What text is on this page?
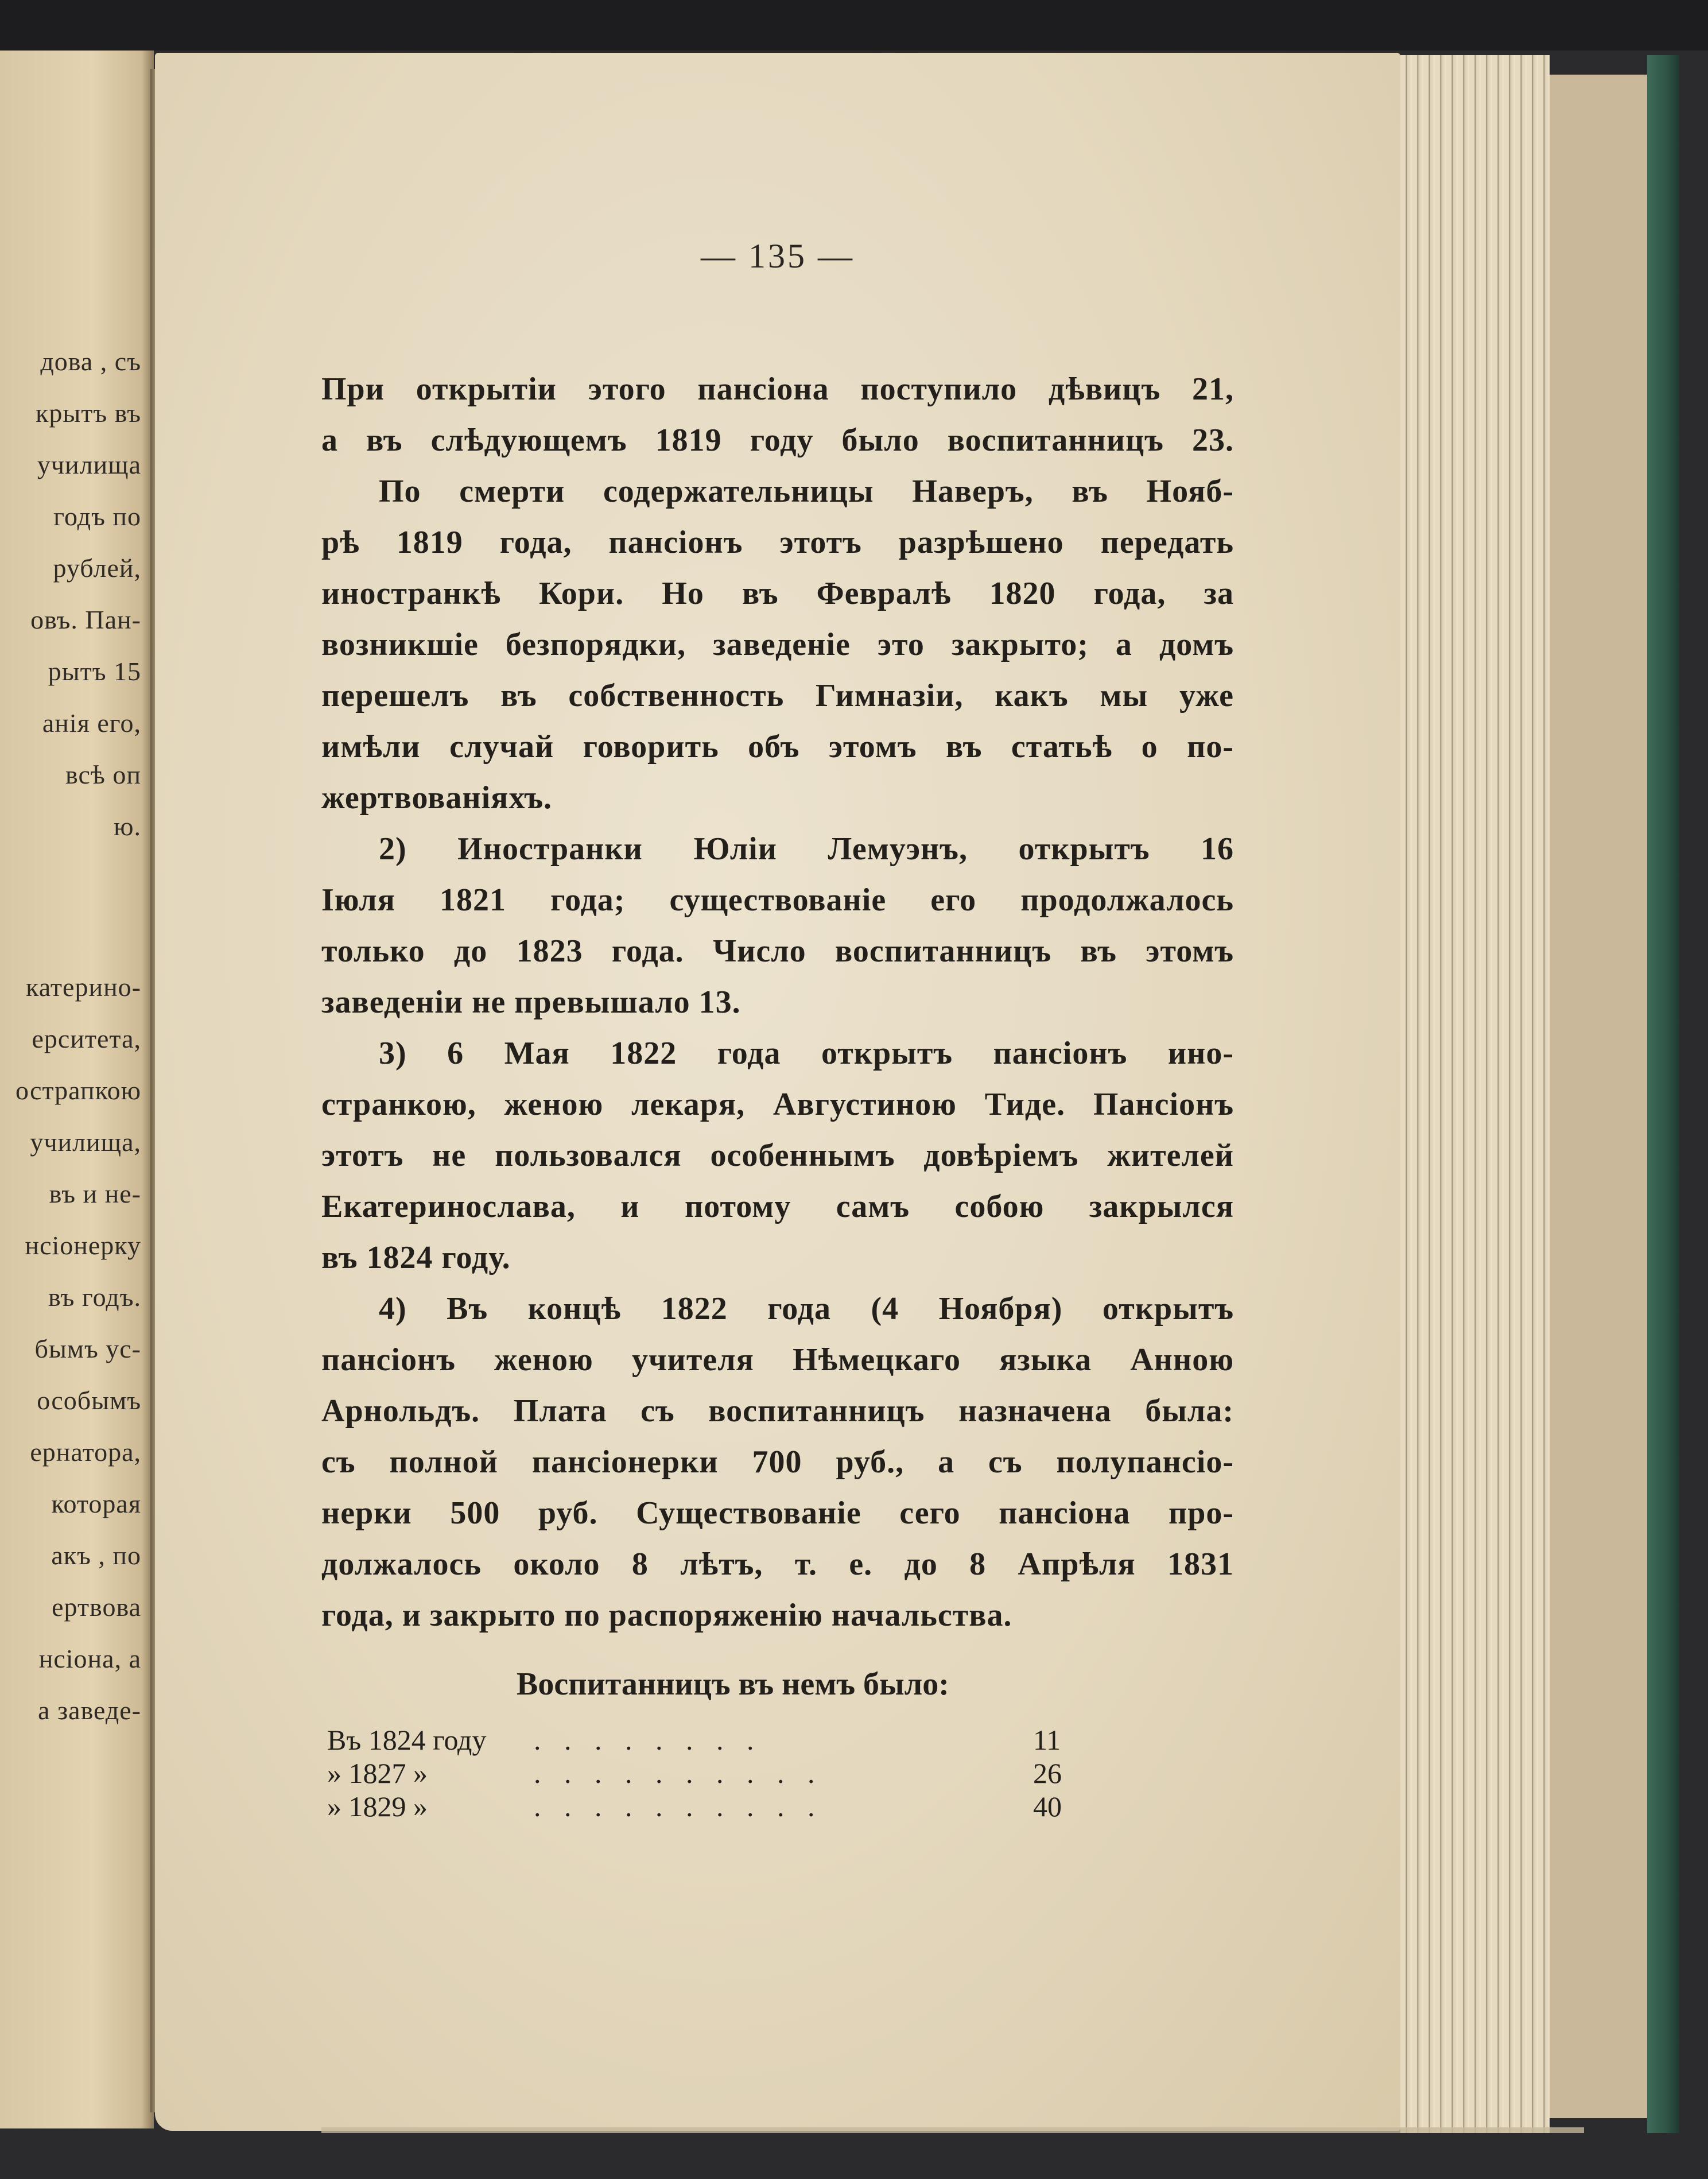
дова , съ
крытъ въ
училища
годъ по
рублей,
овъ. Пан-
рытъ 15
анія его,
всѣ оп
ю.
катерино-
ерситета,
острапкою
училища,
въ и не-
нсіонерку
въ годъ.
бымъ ус-
особымъ
ернатора,
которая
акъ , по
ертвова
нсіона, а
а заведе-
— 135 —
При открытіи этого пансіона поступило дѣвицъ 21,
а въ слѣдующемъ 1819 году было воспитанницъ 23.
По смерти содержательницы Наверъ, въ Нояб-
рѣ 1819 года, пансіонъ этотъ разрѣшено передать
иностранкѣ Кори. Но въ Февралѣ 1820 года, за
возникшіе безпорядки, заведеніе это закрыто; а домъ
перешелъ въ собственность Гимназіи, какъ мы уже
имѣли случай говорить объ этомъ въ статьѣ о по-
жертвованіяхъ.
2) Иностранки Юліи Лемуэнъ, открытъ 16
Іюля 1821 года; существованіе его продолжалось
только до 1823 года. Число воспитанницъ въ этомъ
заведеніи не превышало 13.
3) 6 Мая 1822 года открытъ пансіонъ ино-
странкою, женою лекаря, Августиною Тиде. Пансіонъ
этотъ не пользовался особеннымъ довѣріемъ жителей
Екатеринослава, и потому самъ собою закрылся
въ 1824 году.
4) Въ концѣ 1822 года (4 Ноября) открытъ
пансіонъ женою учителя Нѣмецкаго языка Анною
Арнольдъ. Плата съ воспитанницъ назначена была:
съ полной пансіонерки 700 руб., а съ полупансіо-
нерки 500 руб. Существованіе сего пансіона про-
должалось около 8 лѣтъ, т. е. до 8 Апрѣля 1831
года, и закрыто по распоряженію начальства.
Воспитанницъ въ немъ было:
Въ 1824 году . . . . . . . .	11
» 1827 »	. . . . . . . . . .	26
» 1829 »	. . . . . . . . . .	40
